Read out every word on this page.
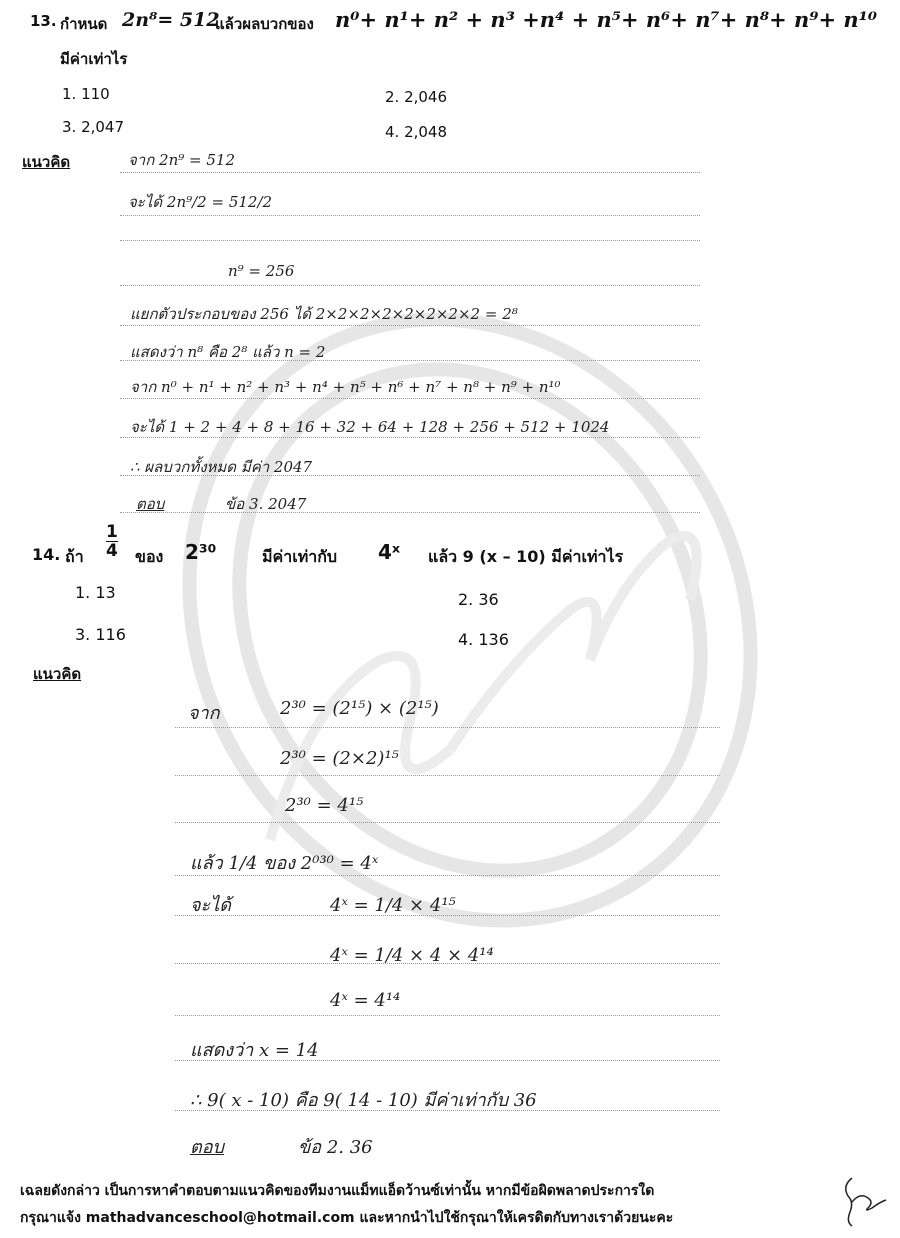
13. กำหนด 2n⁸= 512
แล้วผลบวกของ n⁰+ n¹+ n² + n³ +n⁴ + n⁵+ n⁶+ n⁷+ n⁸+ n⁹+ n¹⁰
มีค่าเท่าไร
1. 110	2. 2,046
3. 2,047	4. 2,048
แนวคิด	จาก 2n⁹ = 512
จะได้ 2n⁹/2 = 512/2
n⁹ = 256
แยกตัวประกอบของ 256 ได้ 2×2×2×2×2×2×2×2 = 2⁸
แสดงว่า n⁸ คือ 2⁸ แล้ว n = 2
จาก n⁰ + n¹ + n² + n³ + n⁴ + n⁵ + n⁶ + n⁷ + n⁸ + n⁹ + n¹⁰
จะได้ 1 + 2 + 4 + 8 + 16 + 32 + 64 + 128 + 256 + 512 + 1024
∴ ผลบวกทั้งหมด มีค่า 2047
ตอบ	ข้อ 3. 2047
14. ถ้า $\frac{1}{4}$ ของ 2³⁰	มีค่าเท่ากับ 4ˣ แล้ว 9 (x – 10) มีค่าเท่าไร
1. 13	2. 36
3. 116	4. 136
แนวคิด
จาก	2³⁰ = (2¹⁵) × (2¹⁵)
2³⁰ = (2×2)¹⁵
2³⁰ = 4¹⁵
แล้ว 1/4 ของ 2⁰³⁰ = 4ˣ
จะได้	4ˣ = 1/4 × 4¹⁵
4ˣ = 1/4 × 4 × 4¹⁴
4ˣ = 4¹⁴
แสดงว่า x = 14
∴ 9( x - 10) คือ 9( 14 - 10) มีค่าเท่ากับ 36
ตอบ	ข้อ 2. 36
เฉลยดังกล่าว เป็นการหาคำตอบตามแนวคิดของทีมงานแม็ทแอ็ดว้านซ์เท่านั้น หากมีข้อผิดพลาดประการใด
กรุณาแจ้ง mathadvanceschool@hotmail.com และหากนำไปใช้กรุณาให้เครดิตกับทางเราด้วยนะคะ
